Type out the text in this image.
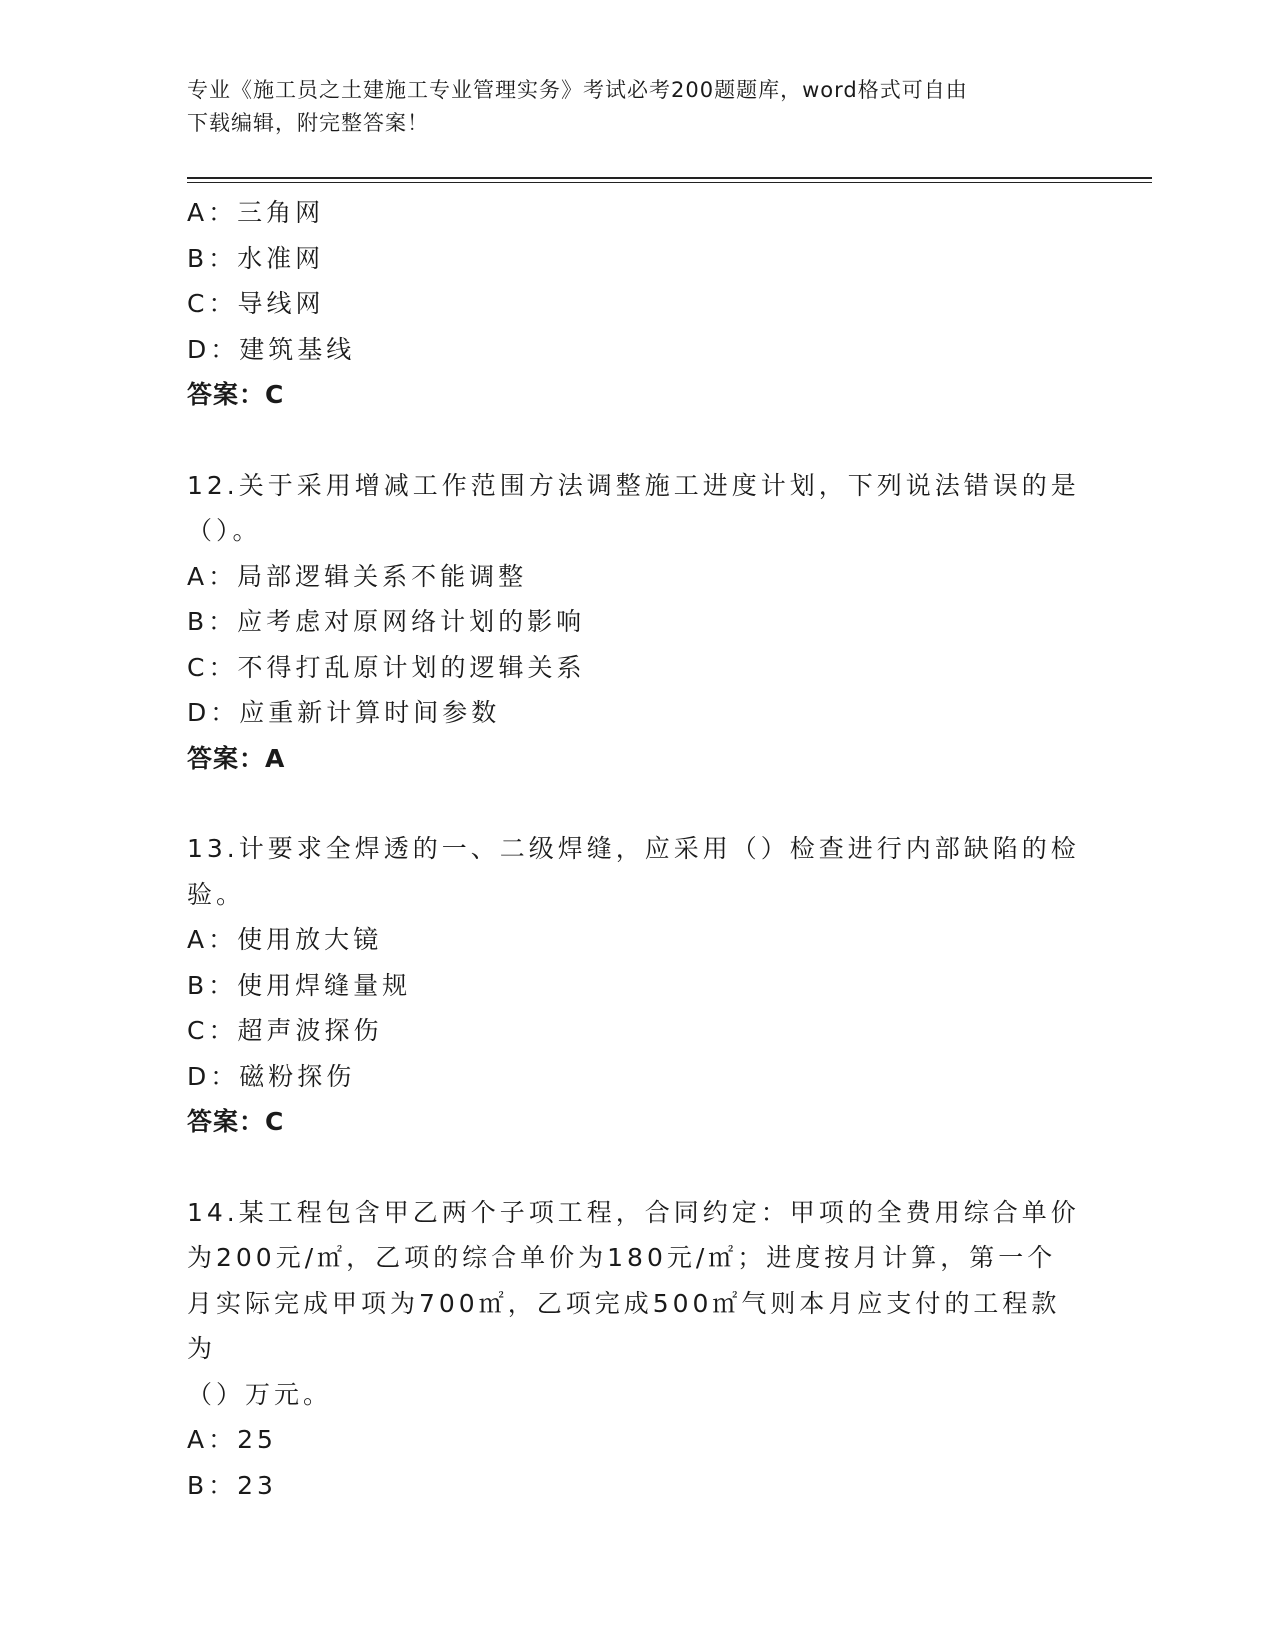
专业《施工员之土建施工专业管理实务》考试必考200题题库，word格式可自由
下载编辑，附完整答案！
A：三角网
B：水准网
C：导线网
D：建筑基线
答案：C
12.关于采用增减工作范围方法调整施工进度计划，下列说法错误的是
（）。
A：局部逻辑关系不能调整
B：应考虑对原网络计划的影响
C：不得打乱原计划的逻辑关系
D：应重新计算时间参数
答案：A
13.计要求全焊透的一、二级焊缝，应采用（）检查进行内部缺陷的检
验。
A：使用放大镜
B：使用焊缝量规
C：超声波探伤
D：磁粉探伤
答案：C
14.某工程包含甲乙两个子项工程，合同约定：甲项的全费用综合单价
为200元/㎡，乙项的综合单价为180元/㎡；进度按月计算，第一个
月实际完成甲项为700㎡，乙项完成500㎡气则本月应支付的工程款为
（）万元。
A：25
B：23
